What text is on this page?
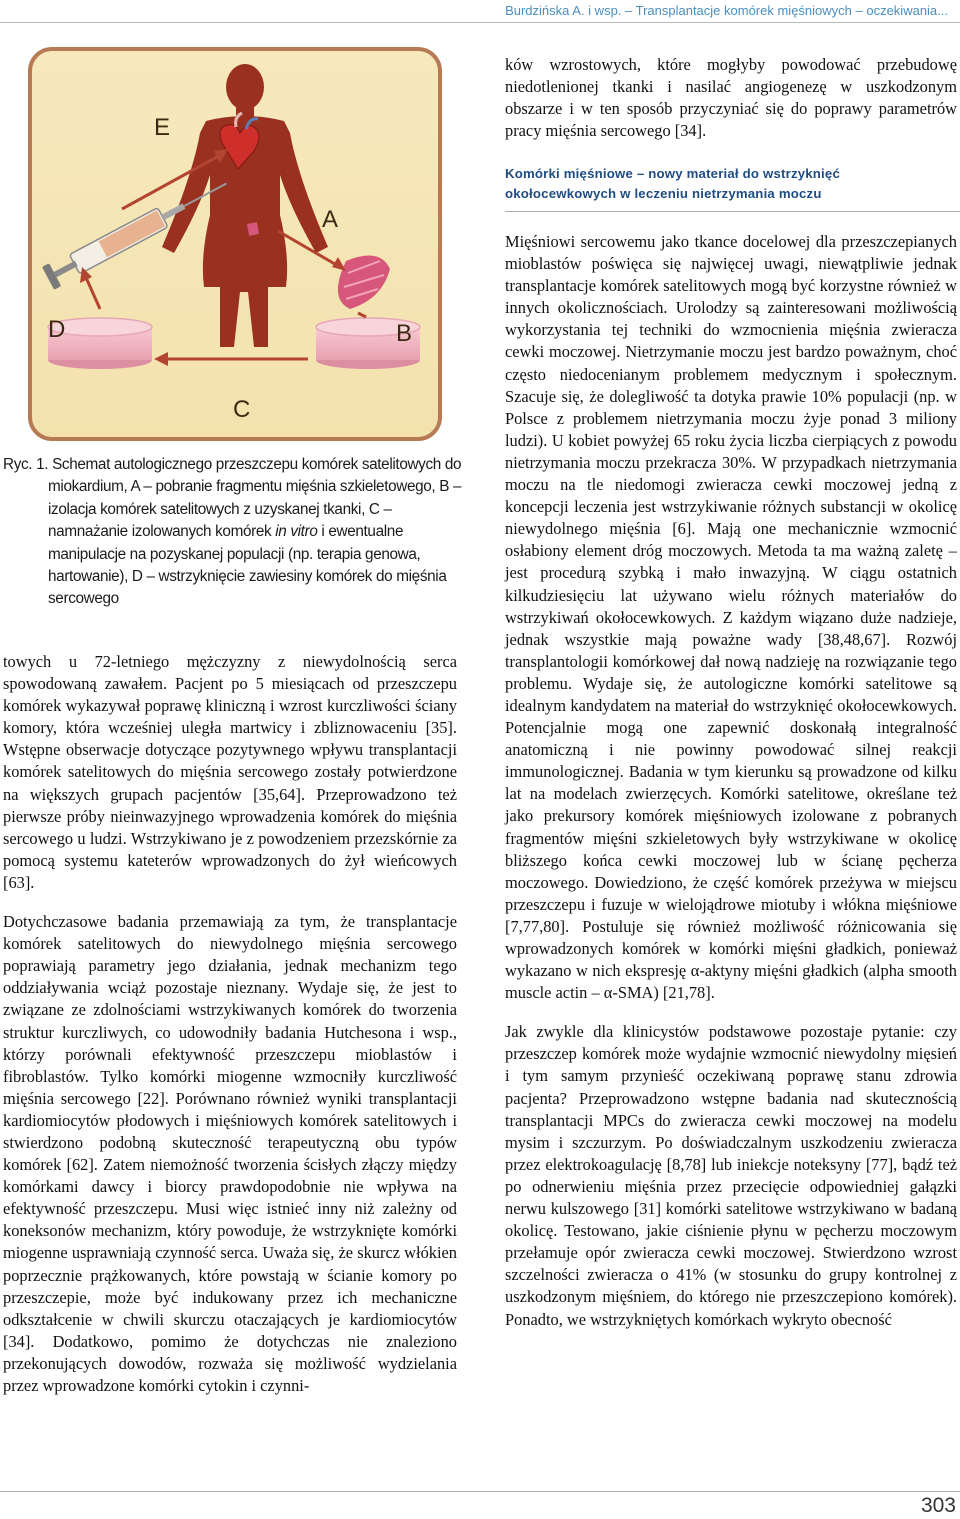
Burdzińska A. i wsp. – Transplantacje komórek mięśniowych – oczekiwania...
E
A
D	B
C

Ryc. 1. Schemat autologicznego przeszczepu komórek satelitowych do miokardium, A – pobranie fragmentu mięśnia szkieletowego, B – izolacja komórek satelitowych z uzyskanej tkanki, C – namnażanie izolowanych komórek in vitro i ewentualne manipulacje na pozyskanej populacji (np. terapia genowa, hartowanie), D – wstrzyknięcie zawiesiny komórek do mięśnia sercowego

towych u 72-letniego mężczyzny z niewydolnością serca spowodowaną zawałem. Pacjent po 5 miesiącach od przeszczepu komórek wykazywał poprawę kliniczną i wzrost kurczliwości ściany komory, która wcześniej uległa martwicy i zbliznowaceniu [35]. Wstępne obserwacje dotyczące pozytywnego wpływu transplantacji komórek satelitowych do mięśnia sercowego zostały potwierdzone na większych grupach pacjentów [35,64]. Przeprowadzono też pierwsze próby nieinwazyjnego wprowadzenia komórek do mięśnia sercowego u ludzi. Wstrzykiwano je z powodzeniem przezskórnie za pomocą systemu kateterów wprowadzonych do żył wieńcowych [63].

Dotychczasowe badania przemawiają za tym, że transplantacje komórek satelitowych do niewydolnego mięśnia sercowego poprawiają parametry jego działania, jednak mechanizm tego oddziaływania wciąż pozostaje nieznany. Wydaje się, że jest to związane ze zdolnościami wstrzykiwanych komórek do tworzenia struktur kurczliwych, co udowodniły badania Hutchesona i wsp., którzy porównali efektywność przeszczepu mioblastów i fibroblastów. Tylko komórki miogenne wzmocniły kurczliwość mięśnia sercowego [22]. Porównano również wyniki transplantacji kardiomiocytów płodowych i mięśniowych komórek satelitowych i stwierdzono podobną skuteczność terapeutyczną obu typów komórek [62]. Zatem niemożność tworzenia ścisłych złączy między komórkami dawcy i biorcy prawdopodobnie nie wpływa na efektywność przeszczepu. Musi więc istnieć inny niż zależny od koneksonów mechanizm, który powoduje, że wstrzyknięte komórki miogenne usprawniają czynność serca. Uważa się, że skurcz włókien poprzecznie prążkowanych, które powstają w ścianie komory po przeszczepie, może być indukowany przez ich mechaniczne odkształcenie w chwili skurczu otaczających je kardiomiocytów [34]. Dodatkowo, pomimo że dotychczas nie znaleziono przekonujących dowodów, rozważa się możliwość wydzielania przez wprowadzone komórki cytokin i czynni-

ków wzrostowych, które mogłyby powodować przebudowę niedotlenionej tkanki i nasilać angiogenezę w uszkodzonym obszarze i w ten sposób przyczyniać się do poprawy parametrów pracy mięśnia sercowego [34].

Komórki mięśniowe – nowy materiał do wstrzyknięć
okołocewkowych w leczeniu nietrzymania moczu

Mięśniowi sercowemu jako tkance docelowej dla przeszczepianych mioblastów poświęca się najwięcej uwagi, niewątpliwie jednak transplantacje komórek satelitowych mogą być korzystne również w innych okolicznościach. Urolodzy są zainteresowani możliwością wykorzystania tej techniki do wzmocnienia mięśnia zwieracza cewki moczowej. Nietrzymanie moczu jest bardzo poważnym, choć często niedocenianym problemem medycznym i społecznym. Szacuje się, że dolegliwość ta dotyka prawie 10% populacji (np. w Polsce z problemem nietrzymania moczu żyje ponad 3 miliony ludzi). U kobiet powyżej 65 roku życia liczba cierpiących z powodu nietrzymania moczu przekracza 30%. W przypadkach nietrzymania moczu na tle niedomogi zwieracza cewki moczowej jedną z koncepcji leczenia jest wstrzykiwanie różnych substancji w okolicę niewydolnego mięśnia [6]. Mają one mechanicznie wzmocnić osłabiony element dróg moczowych. Metoda ta ma ważną zaletę – jest procedurą szybką i mało inwazyjną. W ciągu ostatnich kilkudziesięciu lat używano wielu różnych materiałów do wstrzykiwań okołocewkowych. Z każdym wiązano duże nadzieje, jednak wszystkie mają poważne wady [38,48,67]. Rozwój transplantologii komórkowej dał nową nadzieję na rozwiązanie tego problemu. Wydaje się, że autologiczne komórki satelitowe są idealnym kandydatem na materiał do wstrzyknięć okołocewkowych. Potencjalnie mogą one zapewnić doskonałą integralność anatomiczną i nie powinny powodować silnej reakcji immunologicznej. Badania w tym kierunku są prowadzone od kilku lat na modelach zwierzęcych. Komórki satelitowe, określane też jako prekursory komórek mięśniowych izolowane z pobranych fragmentów mięśni szkieletowych były wstrzykiwane w okolicę bliższego końca cewki moczowej lub w ścianę pęcherza moczowego. Dowiedziono, że część komórek przeżywa w miejscu przeszczepu i fuzuje w wielojądrowe miotuby i włókna mięśniowe [7,77,80]. Postuluje się również możliwość różnicowania się wprowadzonych komórek w komórki mięśni gładkich, ponieważ wykazano w nich ekspresję α-aktyny mięśni gładkich (alpha smooth muscle actin – α-SMA) [21,78].

Jak zwykle dla klinicystów podstawowe pozostaje pytanie: czy przeszczep komórek może wydajnie wzmocnić niewydolny mięsień i tym samym przynieść oczekiwaną poprawę stanu zdrowia pacjenta? Przeprowadzono wstępne badania nad skutecznością transplantacji MPCs do zwieracza cewki moczowej na modelu mysim i szczurzym. Po doświadczalnym uszkodzeniu zwieracza przez elektrokoagulację [8,78] lub iniekcje noteksyny [77], bądź też po odnerwieniu mięśnia przez przecięcie odpowiedniej gałązki nerwu kulszowego [31] komórki satelitowe wstrzykiwano w badaną okolicę. Testowano, jakie ciśnienie płynu w pęcherzu moczowym przełamuje opór zwieracza cewki moczowej. Stwierdzono wzrost szczelności zwieracza o 41% (w stosunku do grupy kontrolnej z uszkodzonym mięśniem, do którego nie przeszczepiono komórek). Ponadto, we wstrzykniętych komórkach wykryto obecność

303
